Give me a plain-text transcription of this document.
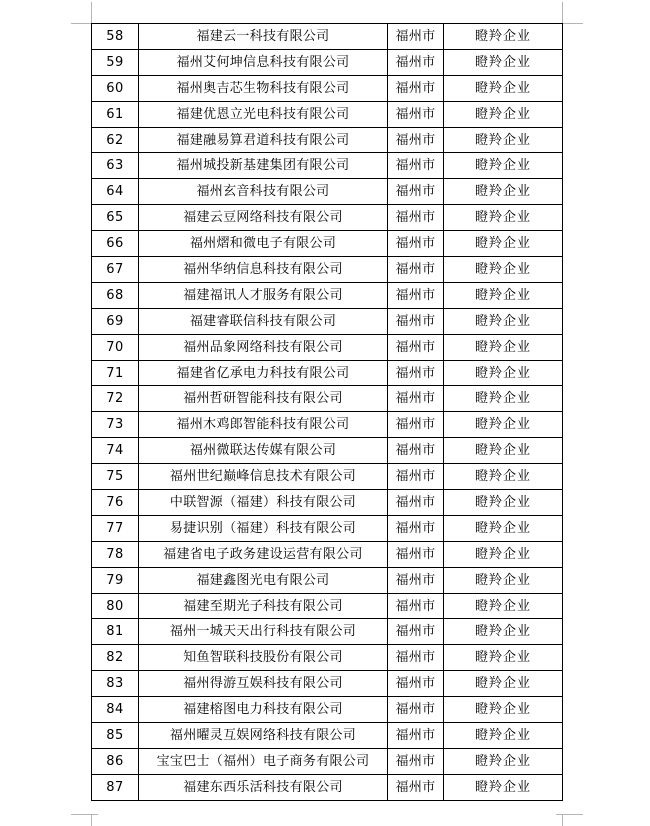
58	福建云一科技有限公司	福州市	瞪羚企业
59	福州艾何坤信息科技有限公司	福州市	瞪羚企业
60	福州奥吉芯生物科技有限公司	福州市	瞪羚企业
61	福建优恩立光电科技有限公司	福州市	瞪羚企业
62	福建融易算君道科技有限公司	福州市	瞪羚企业
63	福州城投新基建集团有限公司	福州市	瞪羚企业
64	福州玄音科技有限公司	福州市	瞪羚企业
65	福建云豆网络科技有限公司	福州市	瞪羚企业
66	福州熠和微电子有限公司	福州市	瞪羚企业
67	福州华纳信息科技有限公司	福州市	瞪羚企业
68	福建福讯人才服务有限公司	福州市	瞪羚企业
69	福建睿联信科技有限公司	福州市	瞪羚企业
70	福州品象网络科技有限公司	福州市	瞪羚企业
71	福建省亿承电力科技有限公司	福州市	瞪羚企业
72	福州哲研智能科技有限公司	福州市	瞪羚企业
73	福州木鸡郎智能科技有限公司	福州市	瞪羚企业
74	福州微联达传媒有限公司	福州市	瞪羚企业
75	福州世纪巅峰信息技术有限公司	福州市	瞪羚企业
76	中联智源（福建）科技有限公司	福州市	瞪羚企业
77	易捷识别（福建）科技有限公司	福州市	瞪羚企业
78	福建省电子政务建设运营有限公司	福州市	瞪羚企业
79	福建鑫图光电有限公司	福州市	瞪羚企业
80	福建至期光子科技有限公司	福州市	瞪羚企业
81	福州一城天天出行科技有限公司	福州市	瞪羚企业
82	知鱼智联科技股份有限公司	福州市	瞪羚企业
83	福州得游互娱科技有限公司	福州市	瞪羚企业
84	福建榕图电力科技有限公司	福州市	瞪羚企业
85	福州曜灵互娱网络科技有限公司	福州市	瞪羚企业
86	宝宝巴士（福州）电子商务有限公司	福州市	瞪羚企业
87	福建东西乐活科技有限公司	福州市	瞪羚企业
